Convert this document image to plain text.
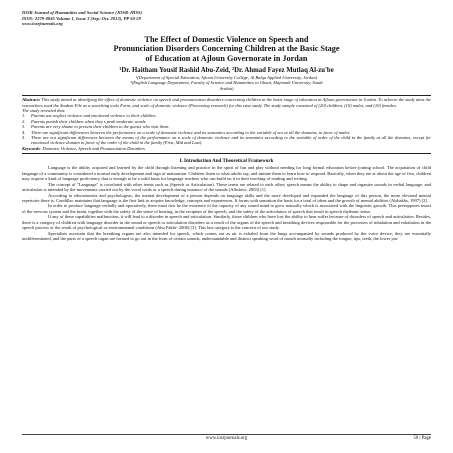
IOSR Journal of Humanities and Social Science (JOSR-JHSS)
ISSN: 2279-0845 Volume 1, Issue 3 (Sep.-Oct. 2012), PP 50-59
www.iosrjournals.org
The Effect of Domestic Violence on Speech and
Pronunciation Disorders Concerning Children at the Basic Stage
of Education at Ajloun Governorate in Jordan
¹Dr. Haitham Yousif Rashid Abu-Zeid, ²Dr. Ahmad Fayez Mutlaq Al-zu'be
¹(Department of Special Education, Ajloun University College, Al Balqa Applied University, Jordan)
²(English Language Department, Faculty of Science and Humanities in Ghaat, Majmaah University, Saudi
Arabia)
Abstract: This study aimed at identifying the effect of domestic violence on speech and pronunciation disorders concerning children at the basic stage of education at Ajloun governorate in Jordan. To achieve the study aims the researchers used the Student File as a searching tools Form, and scale of domestic violence (Processing research) for this case study. The study sample consisted of (20) children, (10) males, and (10) females.
The study revealed that:
1.	Parents use neglect violence and emotional violence to their children.
2.	Parents punish their children when they s peak moderate words.
3.	Parents are very shame to present their children to the guests who visit them.
4.	There are significant differences between the performance on a scale of domestic violence and its semantics according to the variable of sex at all the domains, in favor of males.
5.	There are not significant differences between the means of the performance on a scale of domestic violence and its semantics according to the variable of order of the child in the family at all the domains, except for emotional violence domain in favor of the order of the child in the family (First, Mid and Last).
Keywords- Domestic Violence, Speech and Pronunciation Disorders
I. Introduction And Theoretical Framework

Language is the ability acquired and learned by the child through listening and practice in the spirit of fun and play without needing for long formal education before joining school. The acquisition of child language of a community is considered a normal early development and sign of maturation. Children listen to what adults say, and imitate them to learn how to respond. Basically, when they are at about the age of five, children may acquire a kind of language proficiency that is enough to be a solid basis for language teachers who can build on it in their teaching of reading and writing.

The concept of "Language" is correlated with other terms such as (Speech or Articulation). These terms are related to each other; speech means the ability to shape and organize sounds in verbal language, and articulation is intended by the movements carried out by the vocal cords or a speech during issuance of the sounds (Albslawi, 2003) [1].

According to educationists and psychologists, the mental development of a person depends on language skills and the more developed and expanded the language of this person, the more elevated mental repertoire there is. Condillac maintains that language is the first link to acquire knowledge, concepts and experiences. It forms with sensation the basis for a total of ideas and the growth of mental abilities (Alshakhs, 1997) [2].

In order to produce language verbally and operatively, there must first be the existence of the capacity of any sound mind to grow naturally which is associated with the linguistic growth. This presupposes intact of the nervous system and the brain, together with the safety of the sense of hearing, in the recipient of the speech, and the safety of the articulators of speech that result in speech rhythmic sense.

If any of these capabilities malfunction, it will lead to a disorder in speech and articulation. Similarly, those children who have lost the ability to hear suffer because of disorders of speech and articulation. Besides, there is a category of children with language disorder in the sound or speech or articulation disorders as a result of the organs of the speech and breathing devices responsible for the processes of inhalation and exhalation in the speech process or the result of psychological or environmental conditions (Abu Fakhr- 2006) [3]. This last category is the concern of our study.

Specialists ascertain that the breathing organs are also intended for speech, which comes out as air is exhaled from the lungs accompanied by sounds produced by the voice device; they are essentially undifferentiated, and the parts of a speech organ are formed to go out in the form of certain sounds, understandable and distinct speaking word of mouth normally including the tongue, tips, teeth, the lower jaw

www.iosrjournals.org	50 | Page
